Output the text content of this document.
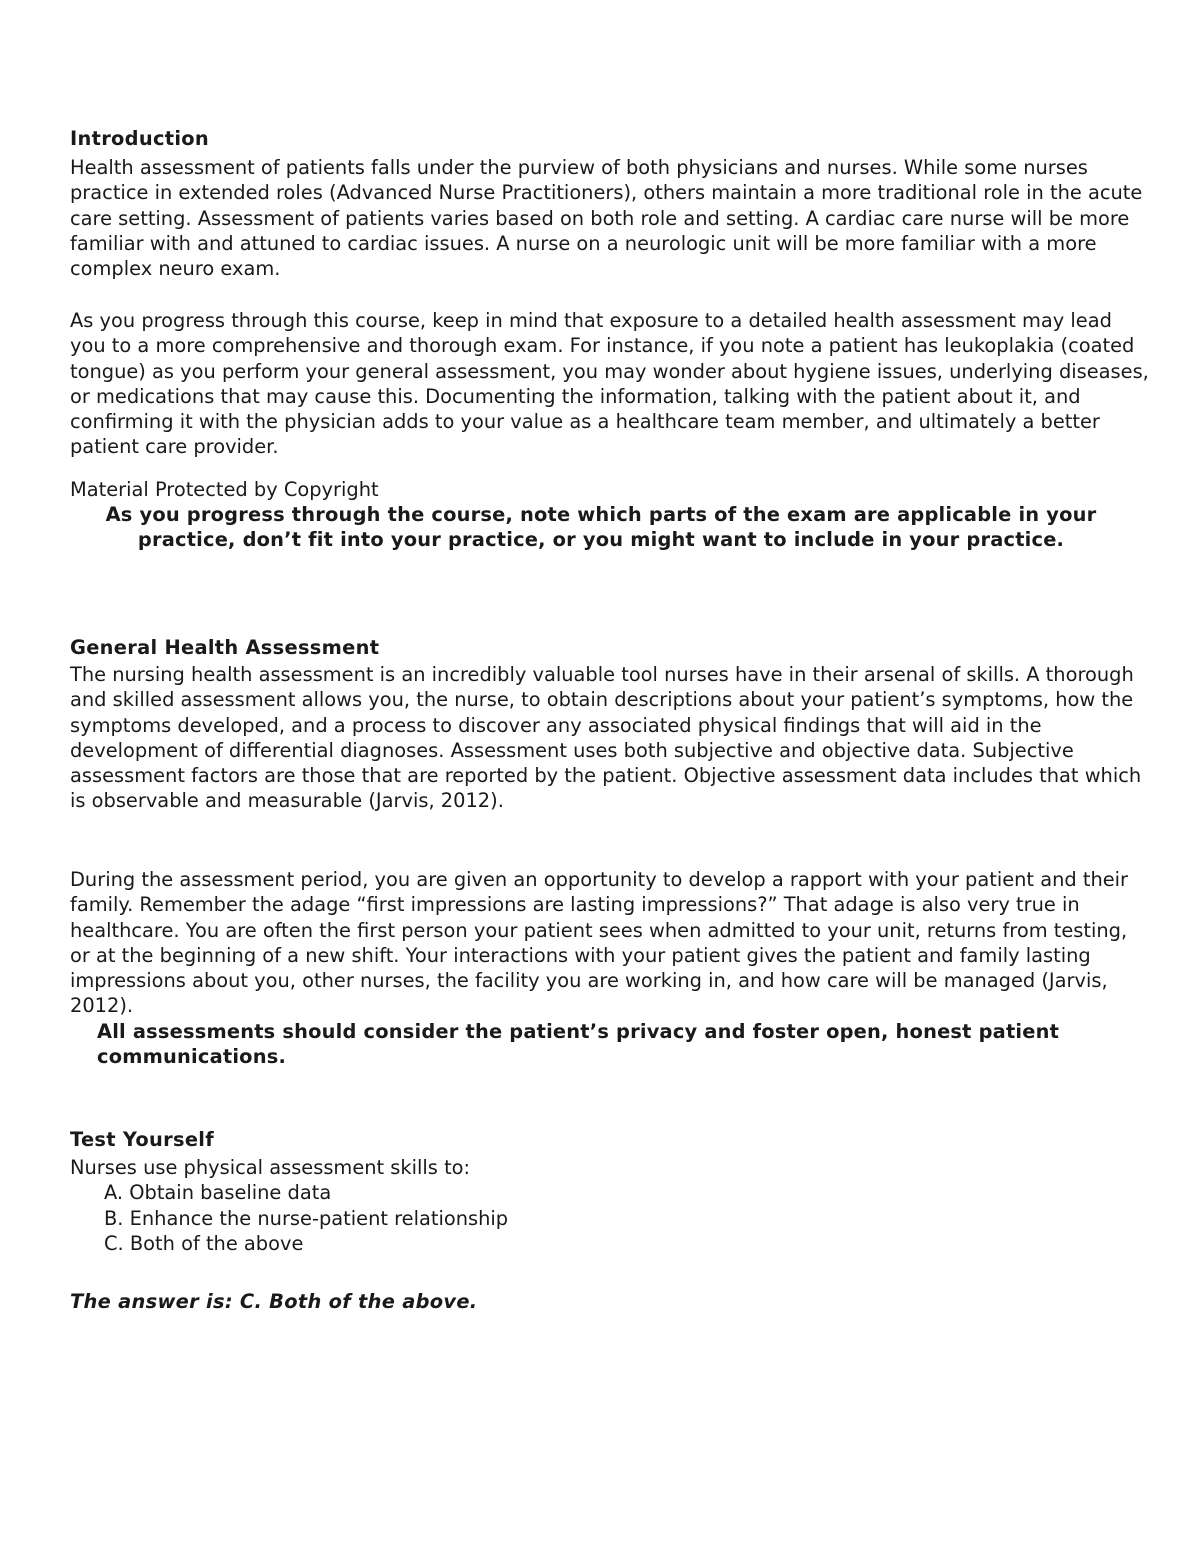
Introduction

Health assessment of patients falls under the purview of both physicians and nurses. While some nurses practice in extended roles (Advanced Nurse Practitioners), others maintain a more traditional role in the acute care setting. Assessment of patients varies based on both role and setting. A cardiac care nurse will be more familiar with and attuned to cardiac issues. A nurse on a neurologic unit will be more familiar with a more complex neuro exam.

As you progress through this course, keep in mind that exposure to a detailed health assessment may lead you to a more comprehensive and thorough exam. For instance, if you note a patient has leukoplakia (coated tongue) as you perform your general assessment, you may wonder about hygiene issues, underlying diseases, or medications that may cause this. Documenting the information, talking with the patient about it, and confirming it with the physician adds to your value as a healthcare team member, and ultimately a better patient care provider.

Material Protected by Copyright

As you progress through the course, note which parts of the exam are applicable in your practice, don’t fit into your practice, or you might want to include in your practice.

General Health Assessment

The nursing health assessment is an incredibly valuable tool nurses have in their arsenal of skills. A thorough and skilled assessment allows you, the nurse, to obtain descriptions about your patient’s symptoms, how the symptoms developed, and a process to discover any associated physical findings that will aid in the development of differential diagnoses. Assessment uses both subjective and objective data. Subjective assessment factors are those that are reported by the patient. Objective assessment data includes that which is observable and measurable (Jarvis, 2012).

During the assessment period, you are given an opportunity to develop a rapport with your patient and their family. Remember the adage “first impressions are lasting impressions?” That adage is also very true in healthcare. You are often the first person your patient sees when admitted to your unit, returns from testing, or at the beginning of a new shift. Your interactions with your patient gives the patient and family lasting impressions about you, other nurses, the facility you are working in, and how care will be managed (Jarvis, 2012).

All assessments should consider the patient’s privacy and foster open, honest patient communications.

Test Yourself

Nurses use physical assessment skills to:

A. Obtain baseline data
B. Enhance the nurse-patient relationship
C. Both of the above

The answer is: C. Both of the above.
